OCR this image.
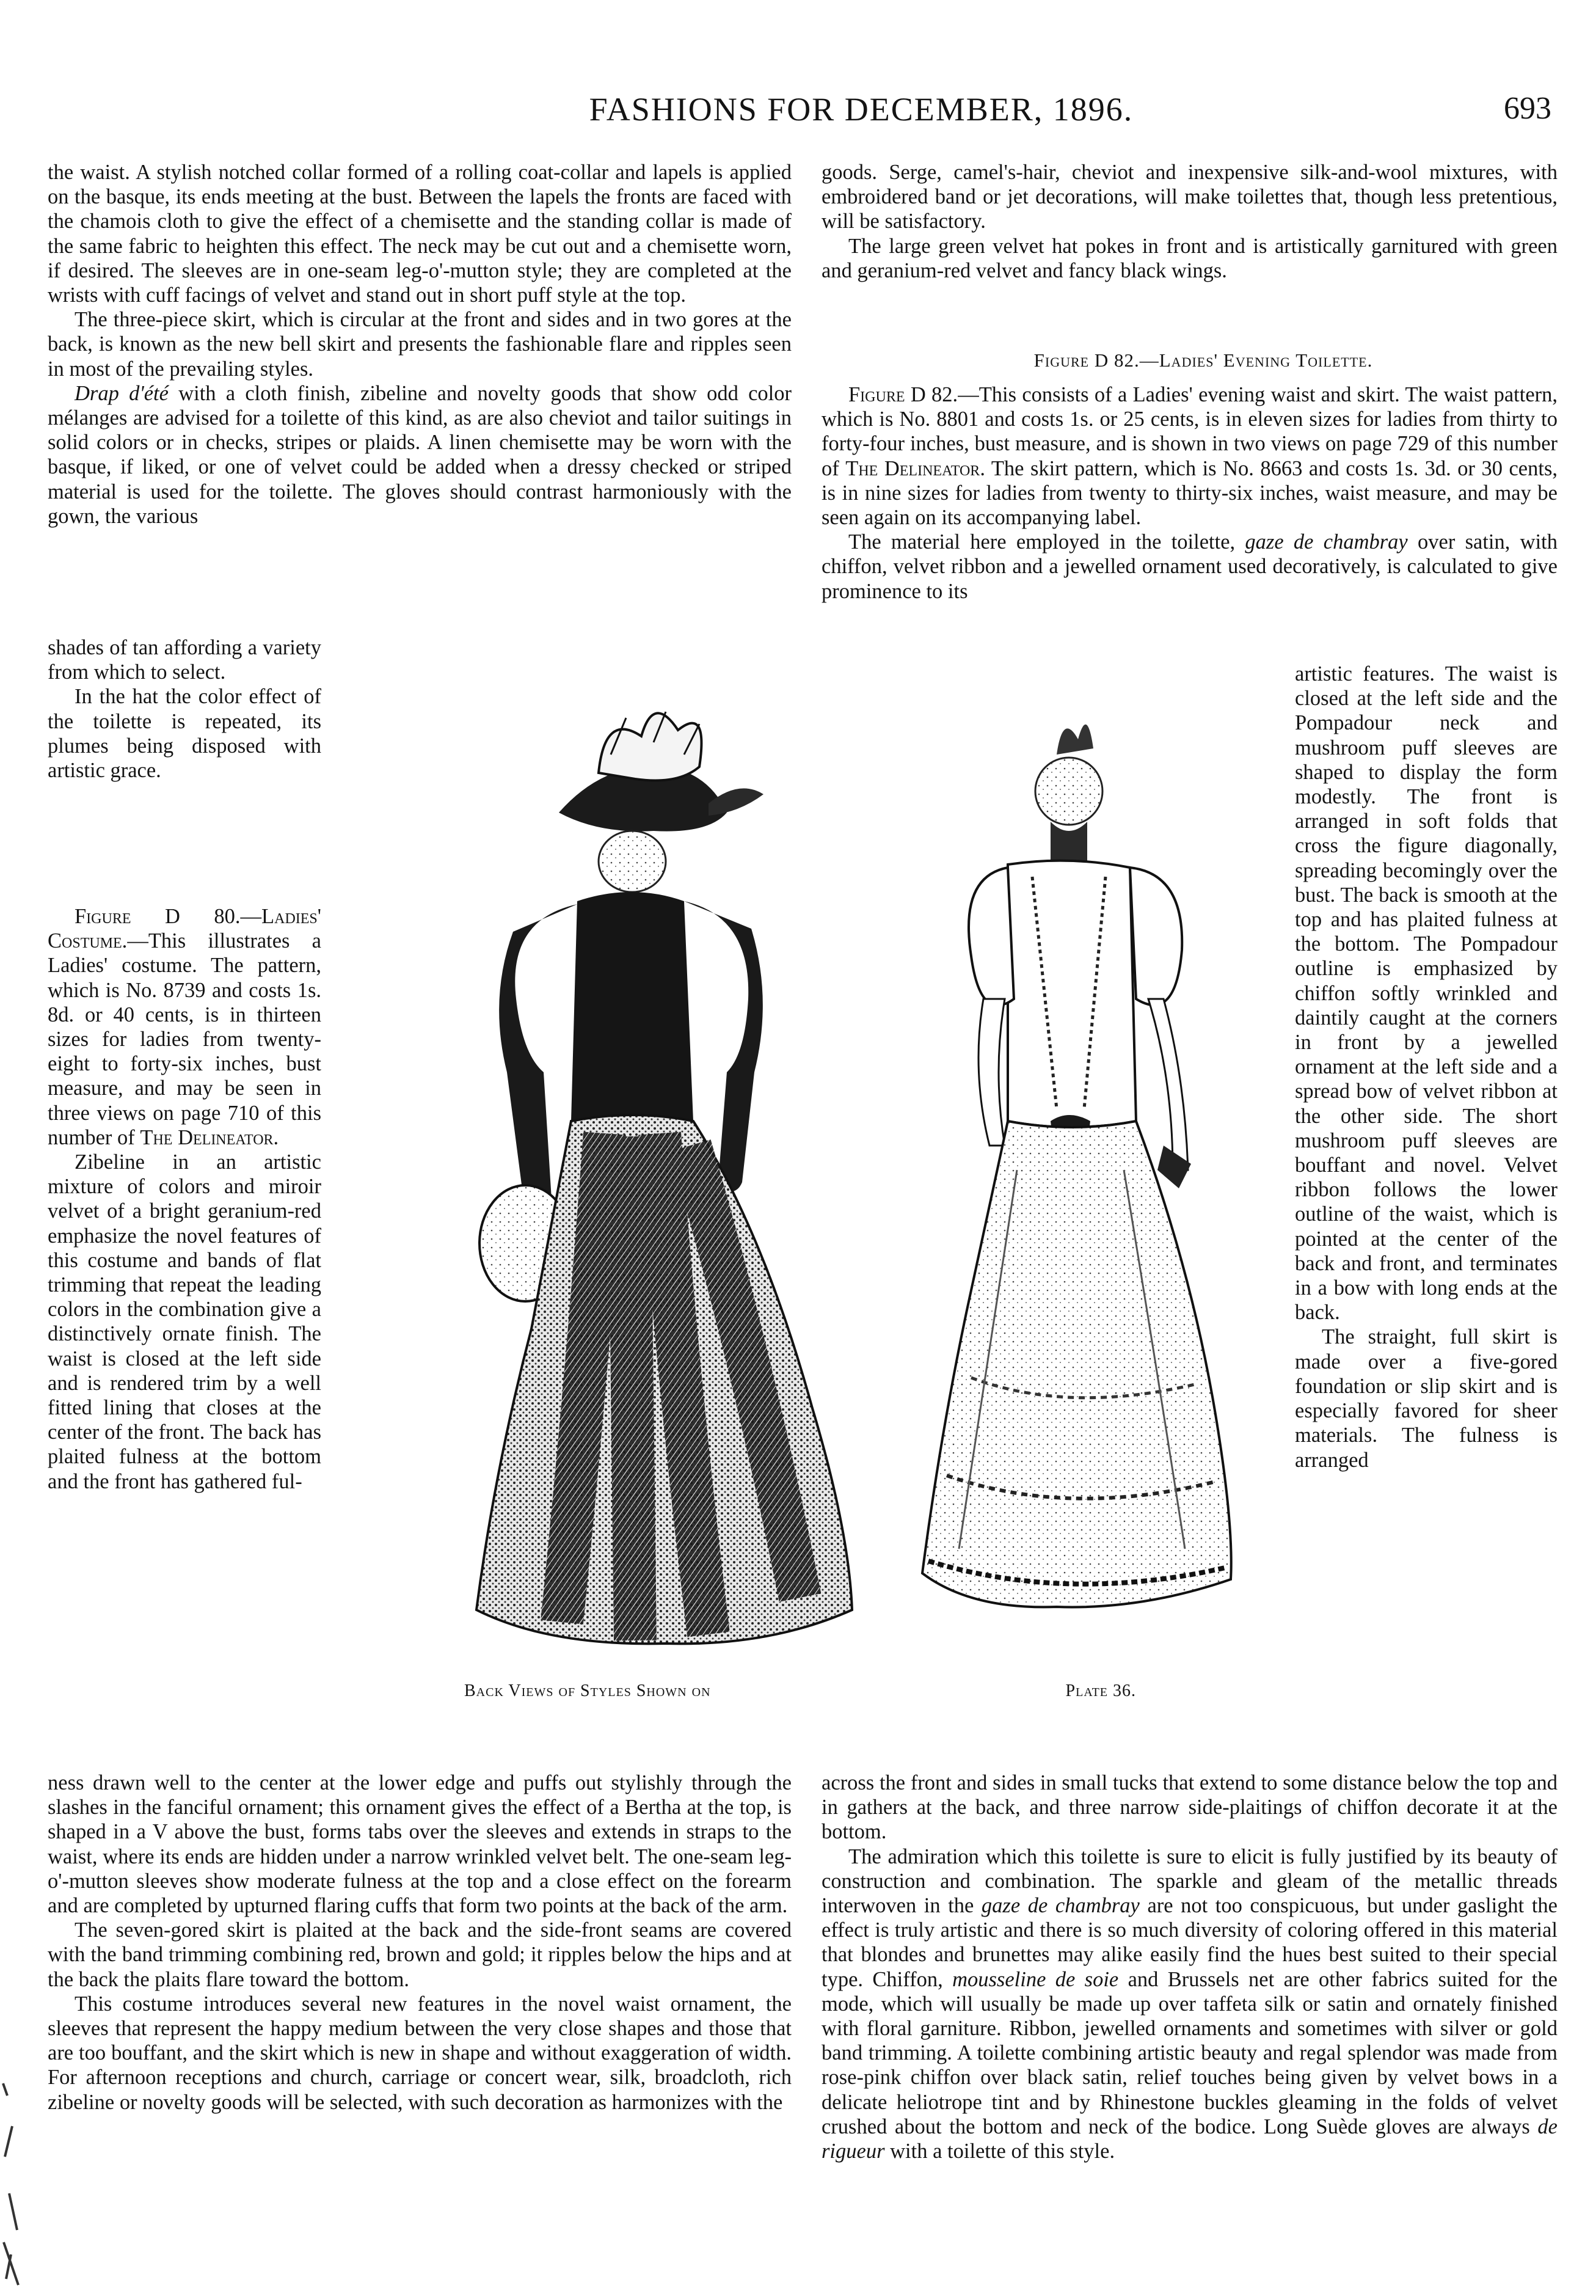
FASHIONS FOR DECEMBER, 1896.	693

the waist. A stylish notched collar formed of a rolling coat-collar and lapels is applied on the basque, its ends meeting at the bust. Between the lapels the fronts are faced with the chamois cloth to give the effect of a chemisette and the standing collar is made of the same fabric to heighten this effect. The neck may be cut out and a chemisette worn, if desired. The sleeves are in one-seam leg-o'-mutton style; they are completed at the wrists with cuff facings of velvet and stand out in short puff style at the top.

The three-piece skirt, which is circular at the front and sides and in two gores at the back, is known as the new bell skirt and presents the fashionable flare and ripples seen in most of the prevailing styles.

Drap d'été with a cloth finish, zibeline and novelty goods that show odd color mélanges are advised for a toilette of this kind, as are also cheviot and tailor suitings in solid colors or in checks, stripes or plaids. A linen chemisette may be worn with the basque, if liked, or one of velvet could be added when a dressy checked or striped material is used for the toilette. The gloves should contrast harmoniously with the gown, the various

shades of tan affording a variety from which to select.

In the hat the color effect of the toilette is repeated, its plumes being disposed with artistic grace.

Figure D 80.—Ladies' Costume.—This illustrates a Ladies' costume. The pattern, which is No. 8739 and costs 1s. 8d. or 40 cents, is in thirteen sizes for ladies from twenty-eight to forty-six inches, bust measure, and may be seen in three views on page 710 of this number of The Delineator.

Zibeline in an artistic mixture of colors and miroir velvet of a bright geranium-red emphasize the novel features of this costume and bands of flat trimming that repeat the leading colors in the combination give a distinctively ornate finish. The waist is closed at the left side and is rendered trim by a well fitted lining that closes at the center of the front. The back has plaited fulness at the bottom and the front has gathered ful-

ness drawn well to the center at the lower edge and puffs out stylishly through the slashes in the fanciful ornament; this ornament gives the effect of a Bertha at the top, is shaped in a V above the bust, forms tabs over the sleeves and extends in straps to the waist, where its ends are hidden under a narrow wrinkled velvet belt. The one-seam leg-o'-mutton sleeves show moderate fulness at the top and a close effect on the forearm and are completed by upturned flaring cuffs that form two points at the back of the arm.

The seven-gored skirt is plaited at the back and the side-front seams are covered with the band trimming combining red, brown and gold; it ripples below the hips and at the back the plaits flare toward the bottom.

This costume introduces several new features in the novel waist ornament, the sleeves that represent the happy medium between the very close shapes and those that are too bouffant, and the skirt which is new in shape and without exaggeration of width. For afternoon receptions and church, carriage or concert wear, silk, broadcloth, rich zibeline or novelty goods will be selected, with such decoration as harmonizes with the

goods. Serge, camel's-hair, cheviot and inexpensive silk-and-wool mixtures, with embroidered band or jet decorations, will make toilettes that, though less pretentious, will be satisfactory.

The large green velvet hat pokes in front and is artistically garnitured with green and geranium-red velvet and fancy black wings.

Figure D 82.—Ladies' Evening Toilette.

Figure D 82.—This consists of a Ladies' evening waist and skirt. The waist pattern, which is No. 8801 and costs 1s. or 25 cents, is in eleven sizes for ladies from thirty to forty-four inches, bust measure, and is shown in two views on page 729 of this number of The Delineator. The skirt pattern, which is No. 8663 and costs 1s. 3d. or 30 cents, is in nine sizes for ladies from twenty to thirty-six inches, waist measure, and may be seen again on its accompanying label.

The material here employed in the toilette, gaze de chambray over satin, with chiffon, velvet ribbon and a jewelled ornament used decoratively, is calculated to give prominence to its

artistic features. The waist is closed at the left side and the Pompadour neck and mushroom puff sleeves are shaped to display the form modestly. The front is arranged in soft folds that cross the figure diagonally, spreading becomingly over the bust. The back is smooth at the top and has plaited fulness at the bottom. The Pompadour outline is emphasized by chiffon softly wrinkled and daintily caught at the corners in front by a jewelled ornament at the left side and a spread bow of velvet ribbon at the other side. The short mushroom puff sleeves are bouffant and novel. Velvet ribbon follows the lower outline of the waist, which is pointed at the center of the back and front, and terminates in a bow with long ends at the back.

The straight, full skirt is made over a five-gored foundation or slip skirt and is especially favored for sheer materials. The fulness is arranged

across the front and sides in small tucks that extend to some distance below the top and in gathers at the back, and three narrow side-plaitings of chiffon decorate it at the bottom.

The admiration which this toilette is sure to elicit is fully justified by its beauty of construction and combination. The sparkle and gleam of the metallic threads interwoven in the gaze de chambray are not too conspicuous, but under gaslight the effect is truly artistic and there is so much diversity of coloring offered in this material that blondes and brunettes may alike easily find the hues best suited to their special type. Chiffon, mousseline de soie and Brussels net are other fabrics suited for the mode, which will usually be made up over taffeta silk or satin and ornately finished with floral garniture. Ribbon, jewelled ornaments and sometimes with silver or gold band trimming. A toilette combining artistic beauty and regal splendor was made from rose-pink chiffon over black satin, relief touches being given by velvet bows in a delicate heliotrope tint and by Rhinestone buckles gleaming in the folds of velvet crushed about the bottom and neck of the bodice. Long Suède gloves are always de rigueur with a toilette of this style.

Back Views of Styles Shown on	Plate 36.
